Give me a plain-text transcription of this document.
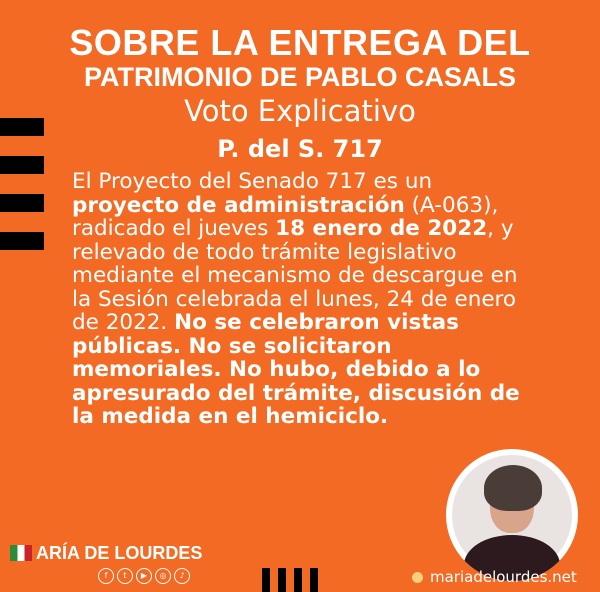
SOBRE LA ENTREGA DEL
PATRIMONIO DE PABLO CASALS
Voto Explicativo
P. del S. 717
El Proyecto del Senado 717 es un proyecto de administración (A-063), radicado el jueves 18 enero de 2022, y relevado de todo trámite legislativo mediante el mecanismo de descargue en la Sesión celebrada el lunes, 24 de enero de 2022. No se celebraron vistas públicas. No se solicitaron memoriales. No hubo, debido a lo apresurado del trámite, discusión de la medida en el hemiciclo.
ARÍA DE LOURDES
f	t	▶	◎	♪	mariadelourdes.net
